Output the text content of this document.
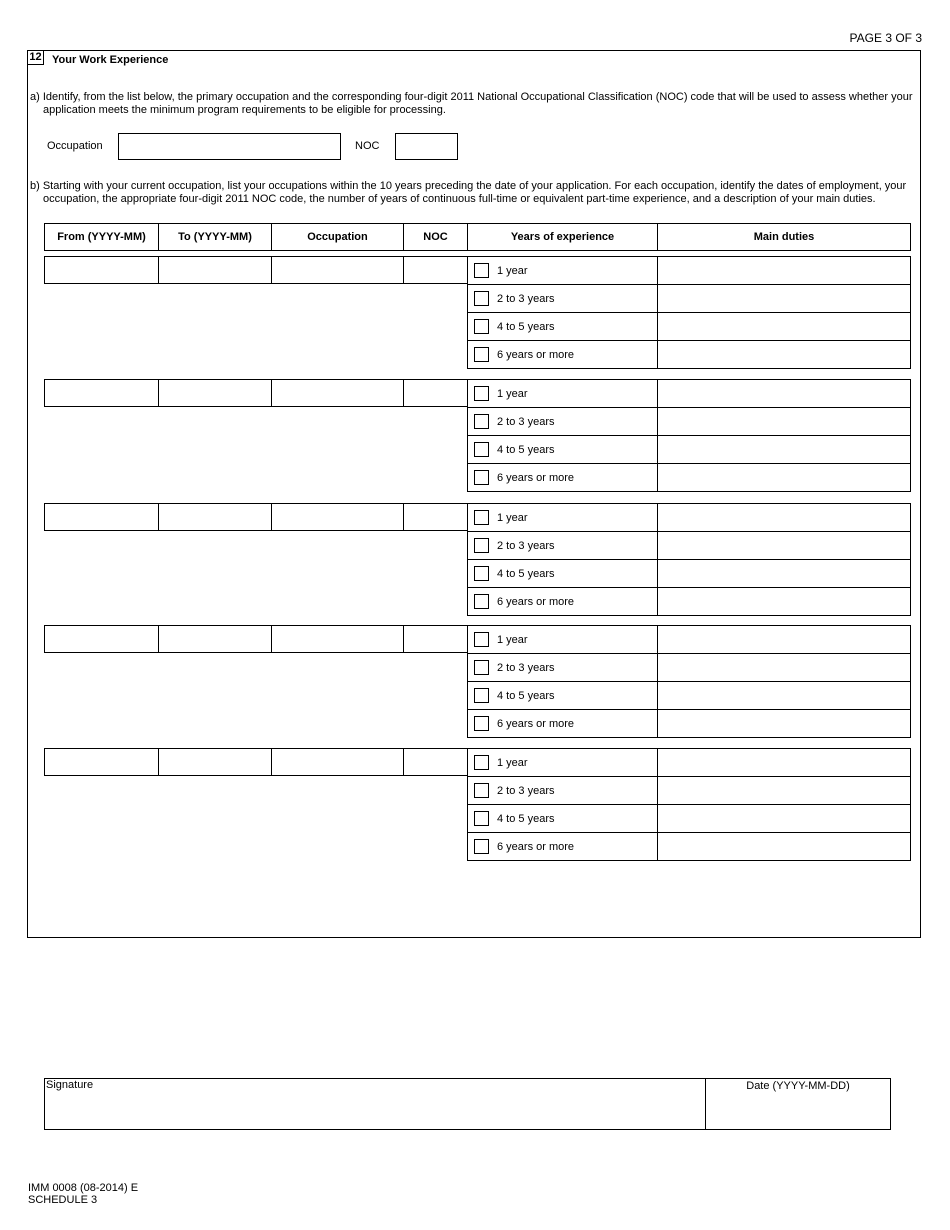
PAGE 3 OF 3
12 Your Work Experience
a) Identify, from the list below, the primary occupation and the corresponding four-digit 2011 National Occupational Classification (NOC) code that will be used to assess whether your
application meets the minimum program requirements to be eligible for processing.
Occupation	NOC
b) Starting with your current occupation, list your occupations within the 10 years preceding the date of your application. For each occupation, identify the dates of employment, your
occupation, the appropriate four-digit 2011 NOC code, the number of years of continuous full-time or equivalent part-time experience, and a description of your main duties.
From (YYYY-MM)	To (YYYY-MM)	Occupation	NOC	Years of experience	Main duties
1 year
2 to 3 years
4 to 5 years
6 years or more
1 year
2 to 3 years
4 to 5 years
6 years or more
1 year
2 to 3 years
4 to 5 years
6 years or more
1 year
2 to 3 years
4 to 5 years
6 years or more
1 year
2 to 3 years
4 to 5 years
6 years or more
Signature	Date (YYYY-MM-DD)
IMM 0008 (08-2014) E
SCHEDULE 3
